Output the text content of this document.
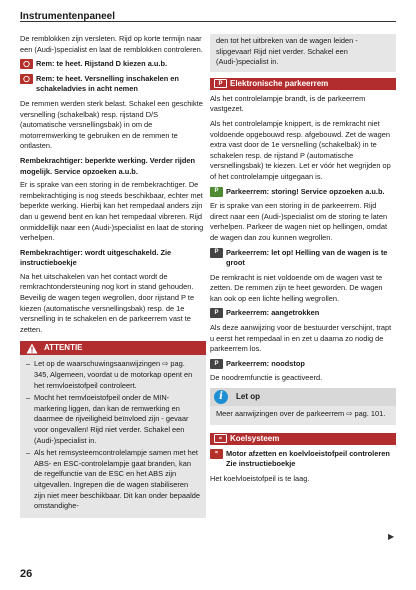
Instrumentenpaneel

De remblokken zijn versleten. Rijd op korte termijn naar een (Audi-)specialist en laat de remblokken controleren.

Rem: te heet. Rijstand D kiezen a.u.b.
Rem: te heet. Versnelling inschakelen en schakeladvies in acht nemen

De remmen werden sterk belast. Schakel een geschikte versnelling (schakelbak) resp. rijstand D/S (automatische versnellingsbak) in om de motorremwerking te gebruiken en de remmen te ontlasten.

Rembekrachtiger: beperkte werking. Verder rijden mogelijk. Service opzoeken a.u.b.

Er is sprake van een storing in de rembekrachtiger. De rembekrachtiging is nog steeds beschikbaar, echter met beperkte werking. Hierbij kan het rempedaal anders zijn dan u gewend bent en kan het rempedaal vibreren. Rijd onmiddellijk naar een (Audi-)specialist en laat de storing verhelpen.

Rembekrachtiger: wordt uitgeschakeld. Zie instructieboekje

Na het uitschakelen van het contact wordt de remkrachtondersteuning nog kort in stand gehouden. Beveilig de wagen tegen wegrollen, door rijstand P te kiezen (automatische versnellingsbak) resp. de 1e versnelling in te schakelen en de parkeerrem vast te zetten.

ATTENTIE
– Let op de waarschuwingsaanwijzingen ⇨ pag. 345, Algemeen, voordat u de motorkap opent en het remvloeistofpeil controleert.
– Mocht het remvloeistofpeil onder de MIN-markering liggen, dan kan de remwerking en daarmee de rijveiligheid beïnvloed zijn - gevaar voor ongevallen! Rijd niet verder. Schakel een (Audi-)specialist in.
– Als het remsysteemcontrolelampje samen met het ABS- en ESC-controlelampje gaat branden, kan de regelfunctie van de ESC en het ABS zijn uitgevallen. Ingrepen die de wagen stabiliseren zijn niet meer beschikbaar. Dit kan onder bepaalde omstandighe-

den tot het uitbreken van de wagen leiden - slipgevaar! Rijd niet verder. Schakel een (Audi-)specialist in.

P Elektronische parkeerrem

Als het controlelampje brandt, is de parkeerrem vastgezet.

Als het controlelampje knippert, is de remkracht niet voldoende opgebouwd resp. afgebouwd. Zet de wagen extra vast door de 1e versnelling (schakelbak) in te schakelen resp. de rijstand P (automatische versnellingsbak) te kiezen. Let er vóór het wegrijden op of het controlelampje uitgegaan is.

P	Parkeerrem: storing! Service opzoeken a.u.b.

Er is sprake van een storing in de parkeerrem. Rijd direct naar een (Audi-)specialist om de storing te laten verhelpen. Parkeer de wagen niet op hellingen, omdat de wagen dan zou kunnen wegrollen.

P	Parkeerrem: let op! Helling van de wagen is te groot

De remkracht is niet voldoende om de wagen vast te zetten. De remmen zijn te heet geworden. De wagen kan ook op een lichte helling wegrollen.

P	Parkeerrem: aangetrokken

Als deze aanwijzing voor de bestuurder verschijnt, trapt u eerst het rempedaal in en zet u daarna zo nodig de parkeerrem los.

P	Parkeerrem: noodstop

De noodremfunctie is geactiveerd.

i	Let op
Meer aanwijzingen over de parkeerrem ⇨ pag. 101.
≈ Koelsysteem
≈	Motor afzetten en koelvloeistofpeil controleren Zie instructieboekje

Het koelvloeistofpeil is te laag.

▶
26
